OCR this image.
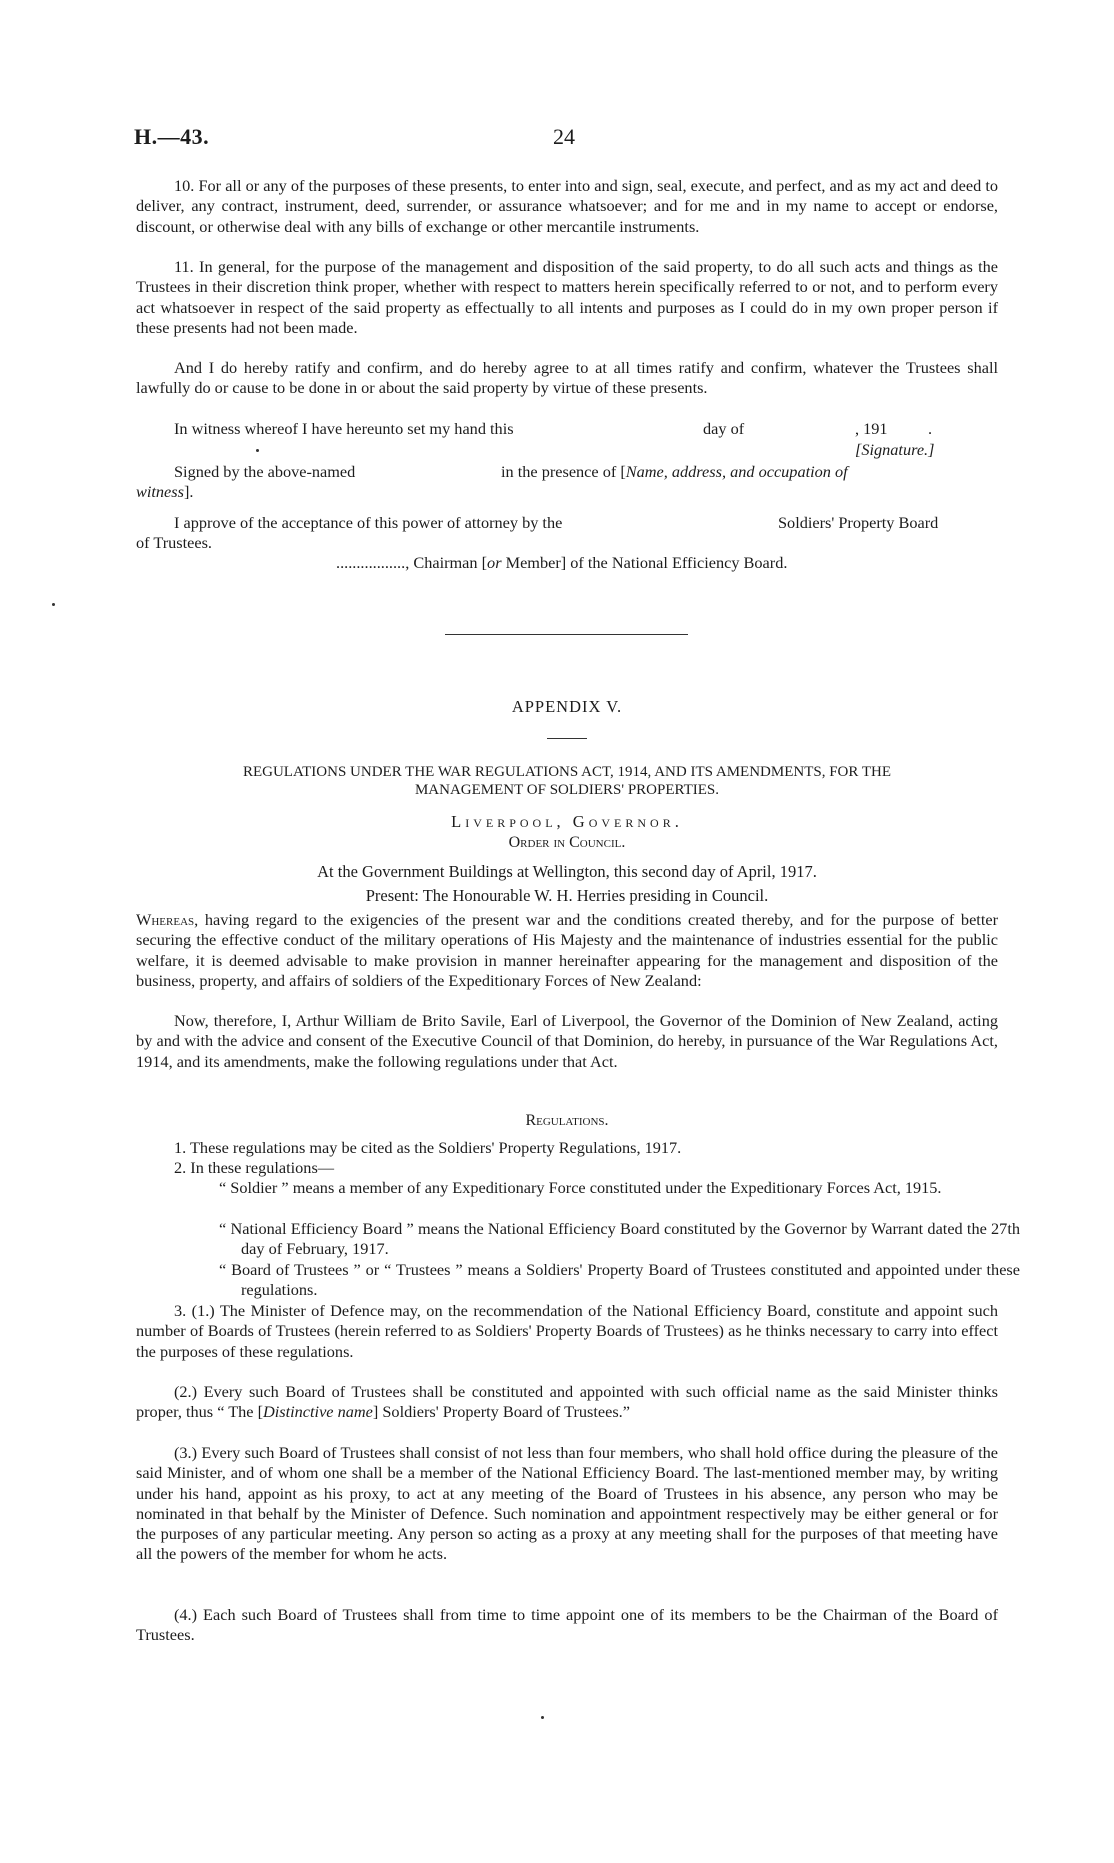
H.—43.	24

10. For all or any of the purposes of these presents, to enter into and sign, seal, execute, and perfect, and as my act and deed to deliver, any contract, instrument, deed, surrender, or assurance whatsoever; and for me and in my name to accept or endorse, discount, or otherwise deal with any bills of exchange or other mercantile instruments.

11. In general, for the purpose of the management and disposition of the said property, to do all such acts and things as the Trustees in their discretion think proper, whether with respect to matters herein specifically referred to or not, and to perform every act whatsoever in respect of the said property as effectually to all intents and purposes as I could do in my own proper person if these presents had not been made.

And I do hereby ratify and confirm, and do hereby agree to at all times ratify and confirm, whatever the Trustees shall lawfully do or cause to be done in or about the said property by virtue of these presents.

In witness whereof I have hereunto set my hand this	day of	, 191 .
[Signature.]
Signed by the above-named	in the presence of [Name, address, and occupation of
witness].
I approve of the acceptance of this power of attorney by the	Soldiers' Property Board
of Trustees.
................., Chairman [or Member] of the National Efficiency Board.

APPENDIX V.

REGULATIONS UNDER THE WAR REGULATIONS ACT, 1914, AND ITS AMENDMENTS, FOR THE

MANAGEMENT OF SOLDIERS' PROPERTIES.

Liverpool, Governor.

Order in Council.

At the Government Buildings at Wellington, this second day of April, 1917.

Present: The Honourable W. H. Herries presiding in Council.

Whereas, having regard to the exigencies of the present war and the conditions created thereby, and for the purpose of better securing the effective conduct of the military operations of His Majesty and the maintenance of industries essential for the public welfare, it is deemed advisable to make provision in manner hereinafter appearing for the management and disposition of the business, property, and affairs of soldiers of the Expeditionary Forces of New Zealand:

Now, therefore, I, Arthur William de Brito Savile, Earl of Liverpool, the Governor of the Dominion of New Zealand, acting by and with the advice and consent of the Executive Council of that Dominion, do hereby, in pursuance of the War Regulations Act, 1914, and its amendments, make the following regulations under that Act.

Regulations.

1. These regulations may be cited as the Soldiers' Property Regulations, 1917.
2. In these regulations—

“ Soldier ” means a member of any Expeditionary Force constituted under the Expeditionary Forces Act, 1915.

“ National Efficiency Board ” means the National Efficiency Board constituted by the Governor by Warrant dated the 27th day of February, 1917.

“ Board of Trustees ” or “ Trustees ” means a Soldiers' Property Board of Trustees constituted and appointed under these regulations.

3. (1.) The Minister of Defence may, on the recommendation of the National Efficiency Board, constitute and appoint such number of Boards of Trustees (herein referred to as Soldiers' Property Boards of Trustees) as he thinks necessary to carry into effect the purposes of these regulations.

(2.) Every such Board of Trustees shall be constituted and appointed with such official name as the said Minister thinks proper, thus “ The [Distinctive name] Soldiers' Property Board of Trustees.”

(3.) Every such Board of Trustees shall consist of not less than four members, who shall hold office during the pleasure of the said Minister, and of whom one shall be a member of the National Efficiency Board. The last-mentioned member may, by writing under his hand, appoint as his proxy, to act at any meeting of the Board of Trustees in his absence, any person who may be nominated in that behalf by the Minister of Defence. Such nomination and appointment respectively may be either general or for the purposes of any particular meeting. Any person so acting as a proxy at any meeting shall for the purposes of that meeting have all the powers of the member for whom he acts.

(4.) Each such Board of Trustees shall from time to time appoint one of its members to be the Chairman of the Board of Trustees.
